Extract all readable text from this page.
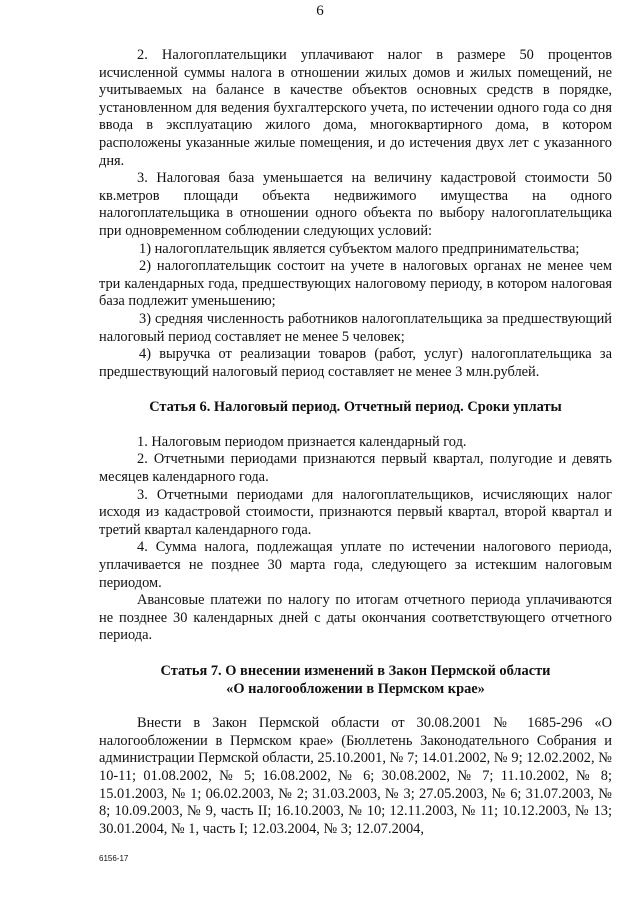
6

2. Налогоплательщики уплачивают налог в размере 50 процентов исчисленной суммы налога в отношении жилых домов и жилых помещений, не учитываемых на балансе в качестве объектов основных средств в порядке, установленном для ведения бухгалтерского учета, по истечении одного года со дня ввода в эксплуатацию жилого дома, многоквартирного дома, в котором расположены указанные жилые помещения, и до истечения двух лет с указанного дня.

3. Налоговая база уменьшается на величину кадастровой стоимости 50 кв.метров площади объекта недвижимого имущества на одного налогоплательщика в отношении одного объекта по выбору налогоплательщика при одновременном соблюдении следующих условий:

1) налогоплательщик является субъектом малого предпринимательства;

2) налогоплательщик состоит на учете в налоговых органах не менее чем три календарных года, предшествующих налоговому периоду, в котором налоговая база подлежит уменьшению;

3) средняя численность работников налогоплательщика за предшествующий налоговый период составляет не менее 5 человек;

4) выручка от реализации товаров (работ, услуг) налогоплательщика за предшествующий налоговый период составляет не менее 3 млн.рублей.

Статья 6. Налоговый период. Отчетный период. Сроки уплаты

1. Налоговым периодом признается календарный год.

2. Отчетными периодами признаются первый квартал, полугодие и девять месяцев календарного года.

3. Отчетными периодами для налогоплательщиков, исчисляющих налог исходя из кадастровой стоимости, признаются первый квартал, второй квартал и третий квартал календарного года.

4. Сумма налога, подлежащая уплате по истечении налогового периода, уплачивается не позднее 30 марта года, следующего за истекшим налоговым периодом.

Авансовые платежи по налогу по итогам отчетного периода уплачиваются не позднее 30 календарных дней с даты окончания соответствующего отчетного периода.

Статья 7. О внесении изменений в Закон Пермской области
«О налогообложении в Пермском крае»

Внести в Закон Пермской области от 30.08.2001 № 1685-296 «О налогообложении в Пермском крае» (Бюллетень Законодательного Собрания и администрации Пермской области, 25.10.2001, № 7; 14.01.2002, № 9; 12.02.2002, № 10-11; 01.08.2002, № 5; 16.08.2002, № 6; 30.08.2002, № 7; 11.10.2002, № 8; 15.01.2003, № 1; 06.02.2003, № 2; 31.03.2003, № 3; 27.05.2003, № 6; 31.07.2003, № 8; 10.09.2003, № 9, часть II; 16.10.2003, № 10; 12.11.2003, № 11; 10.12.2003, № 13; 30.01.2004, № 1, часть I; 12.03.2004, № 3; 12.07.2004,

6156-17
